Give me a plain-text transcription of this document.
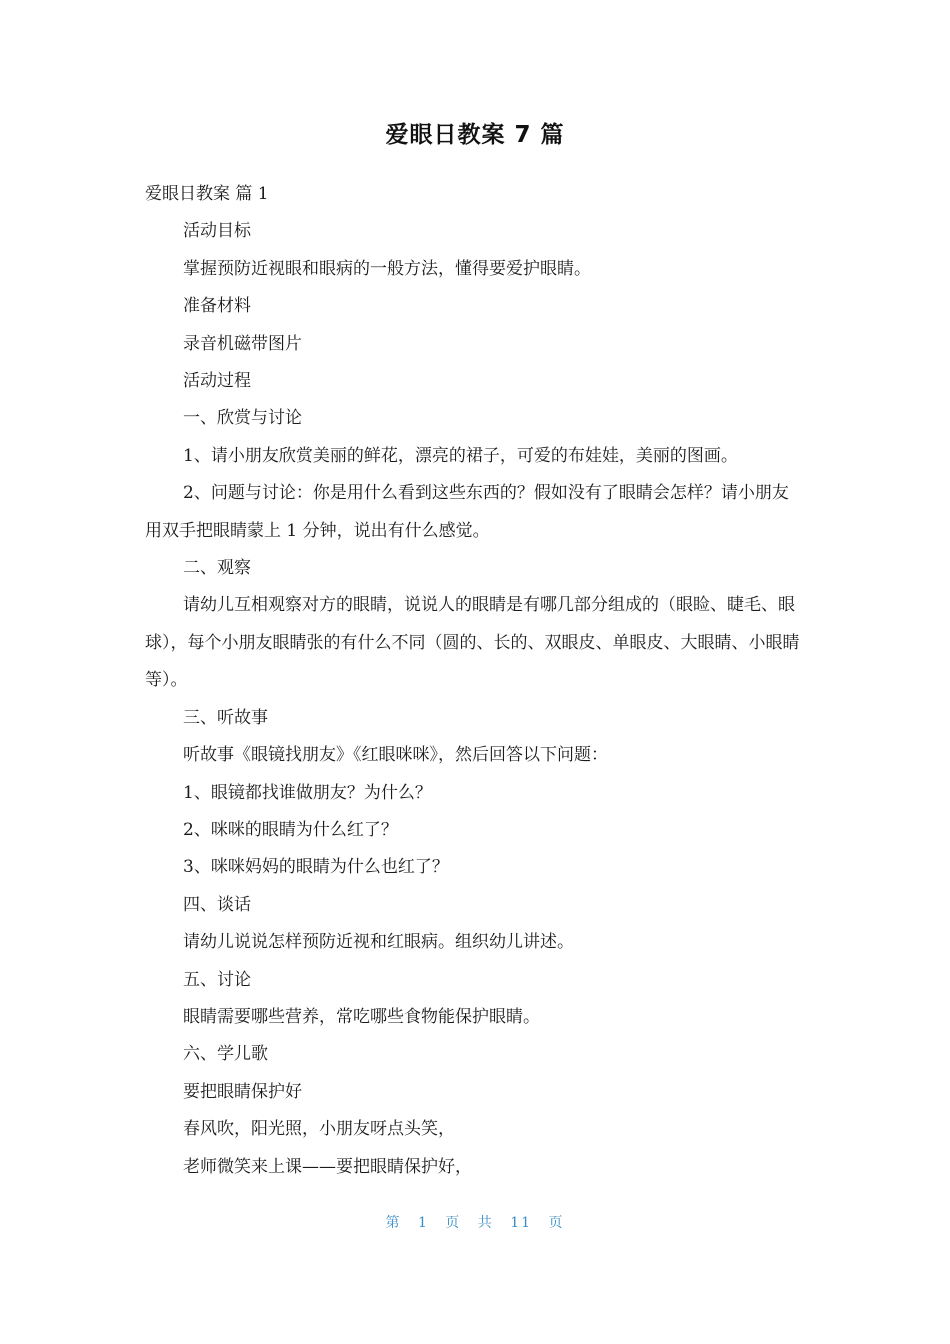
爱眼日教案 7 篇

爱眼日教案 篇 1

活动目标

掌握预防近视眼和眼病的一般方法，懂得要爱护眼睛。

准备材料

录音机磁带图片

活动过程

一、欣赏与讨论

1、请小朋友欣赏美丽的鲜花，漂亮的裙子，可爱的布娃娃，美丽的图画。

2、问题与讨论：你是用什么看到这些东西的？假如没有了眼睛会怎样？请小朋友用双手把眼睛蒙上 1 分钟，说出有什么感觉。

二、观察

请幼儿互相观察对方的眼睛，说说人的眼睛是有哪几部分组成的（眼睑、睫毛、眼球），每个小朋友眼睛张的有什么不同（圆的、长的、双眼皮、单眼皮、大眼睛、小眼睛等）。

三、听故事

听故事《眼镜找朋友》《红眼咪咪》，然后回答以下问题：

1、眼镜都找谁做朋友？为什么？

2、咪咪的眼睛为什么红了？

3、咪咪妈妈的眼睛为什么也红了？

四、谈话

请幼儿说说怎样预防近视和红眼病。组织幼儿讲述。

五、讨论

眼睛需要哪些营养，常吃哪些食物能保护眼睛。

六、学儿歌

要把眼睛保护好

春风吹，阳光照，小朋友呀点头笑，

老师微笑来上课——要把眼睛保护好，

第 1 页 共 11 页
